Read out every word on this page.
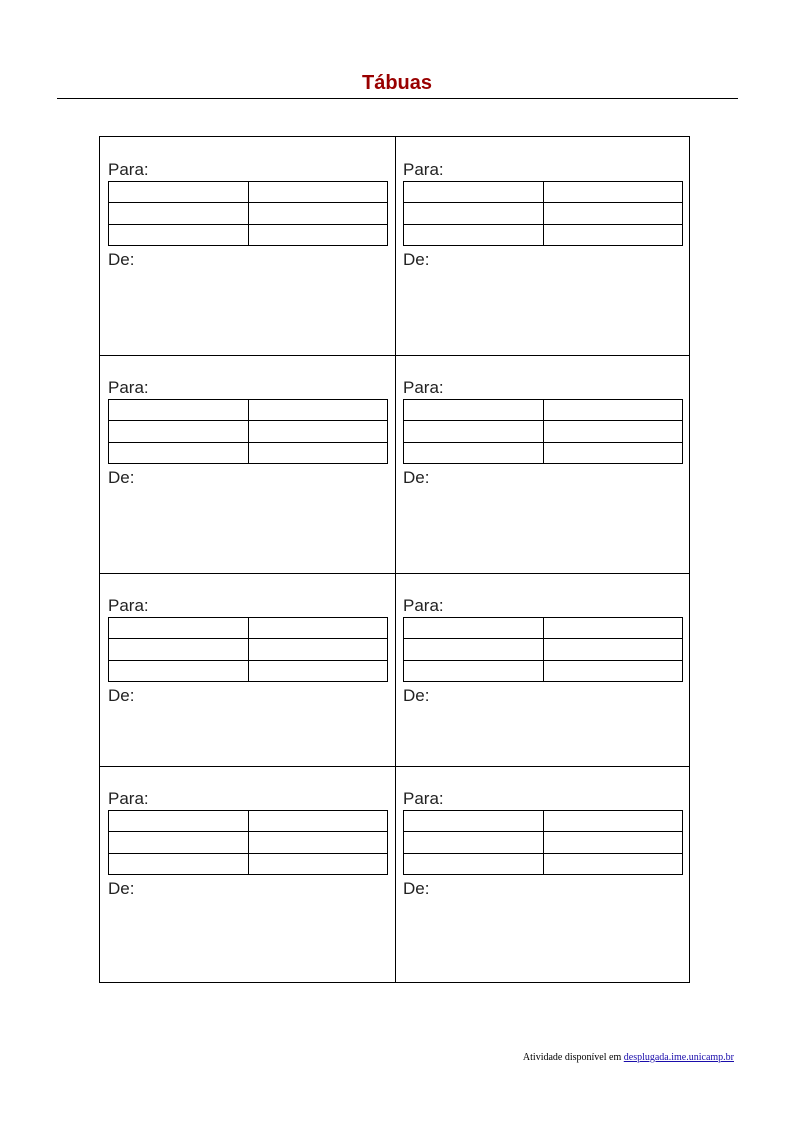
Tábuas
Para:

De:
Para:

De:
Para:

De:
Para:

De:
Para:

De:
Para:

De:
Para:

De:
Para:

De:
Atividade disponível em desplugada.ime.unicamp.br
